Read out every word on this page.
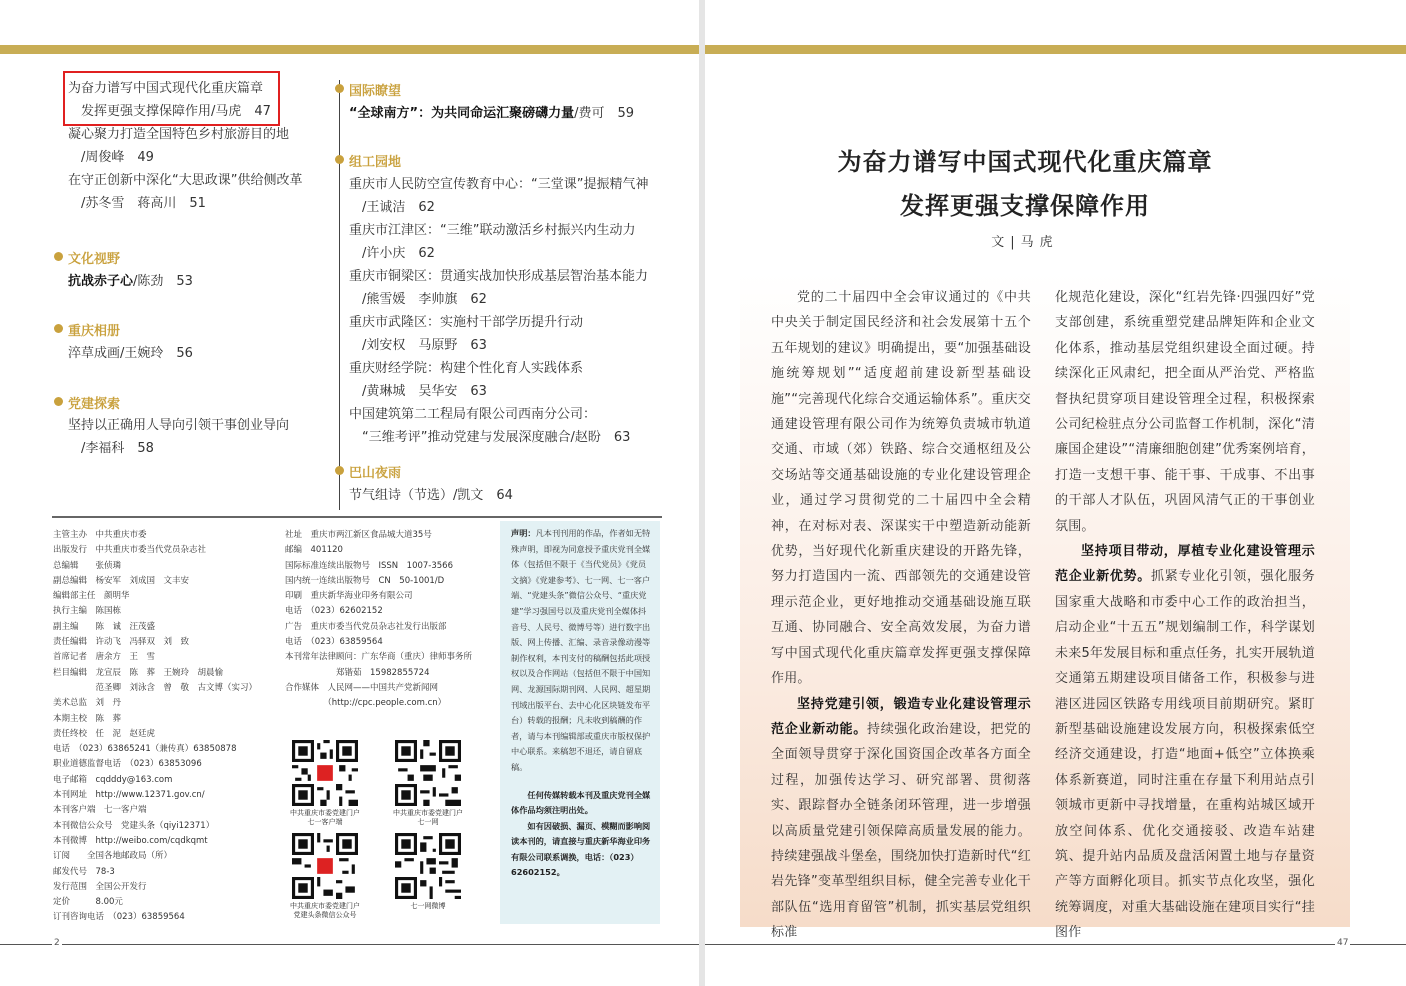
为奋力谱写中国式现代化重庆篇章
　发挥更强支撑保障作用/马虎　47
凝心聚力打造全国特色乡村旅游目的地
　/周俊峰　49
在守正创新中深化“大思政课”供给侧改革
　/苏冬雪　蒋高川　51
文化视野
抗战赤子心/陈劲　53
重庆相册
淬草成画/王婉玲　56
党建探索
坚持以正确用人导向引领干事创业导向
　/李福科　58
国际瞭望
“全球南方”：为共同命运汇聚磅礴力量/费可　59
组工园地
重庆市人民防空宣传教育中心：“三堂课”提振精气神
　/王诚洁　62
重庆市江津区：“三维”联动激活乡村振兴内生动力
　/许小庆　62
重庆市铜梁区：贯通实战加快形成基层智治基本能力
　/熊雪媛　李帅旗　62
重庆市武隆区：实施村干部学历提升行动
　/刘安权　马原野　63
重庆财经学院：构建个性化育人实践体系
　/黄琳城　吴华安　63
中国建筑第二工程局有限公司西南分公司：
　“三维考评”推动党建与发展深度融合/赵盼　63
巴山夜雨
节气组诗（节选）/凯文　64
主管主办　中共重庆市委
出版发行　中共重庆市委当代党员杂志社
总编辑　　张侦璘
副总编辑　杨安军　刘成国　文丰安
编辑部主任　颜明华
执行主编　陈国栋
副主编　　陈　诚　汪茂盛
责任编辑　许动飞　冯驿双　刘　致
首席记者　唐余方　王　雪
栏目编辑　龙宣辰　陈　葬　王婉玲　胡晨愉
　　　　　范圣卿　刘泳含　曾　敬　古文博（实习）
美术总监　刘　丹
本期主校　陈　葬
责任终校　任　泥　赵廷虎
电话　（023）63865241（兼传真）63850878
职业道德监督电话　（023）63853096
电子邮箱　cqdddy@163.com
本刊网址　http://www.12371.gov.cn/
本刊客户端　七一客户端
本刊微信公众号　党建头条（qiyi12371）
本刊微博　http://weibo.com/cqdkqmt
订阅　　全国各地邮政局（所）
邮发代号　78-3
发行范围　全国公开发行
定价　　　8.00元
订刊咨询电话　（023）63859564
社址　重庆市两江新区食品城大道35号
邮编　401120
国际标准连续出版物号　ISSN　1007-3566
国内统一连续出版物号　CN　50-1001/D
印刷　重庆新华海业印务有限公司
电话　（023）62602152
广告　重庆市委当代党员杂志社发行出版部
电话　（023）63859564
本刊常年法律顾问：广东华商（重庆）律师事务所
　　　　　　郑锴茹　15982855724
合作媒体　人民网——中国共产党新闻网
　　　　　（http://cpc.people.com.cn）
中共重庆市委党建门户
七一客户端
中共重庆市委党建门户
七一网
中共重庆市委党建门户
党建头条微信公众号
七一网微博
声明：凡本刊刊用的作品，作者如无特殊声明，即视为同意授予重庆党刊全媒体（包括但不限于《当代党员》《党员文摘》《党建参考》、七一网、七一客户端、“党建头条”微信公众号、“重庆党建”学习强国号以及重庆党刊全媒体抖音号、人民号、微博号等）进行数字出版、网上传播、汇编、录音录像动漫等制作权利，本刊支付的稿酬包括此项授权以及合作网站（包括但不限于中国知网、龙源国际期刊网、人民网、超星期刊域出版平台、去中心化区块链发布平台）转载的报酬；凡未收到稿酬的作者，请与本刊编辑部或重庆市版权保护中心联系。来稿恕不退还，请自留底稿。
任何传媒转载本刊及重庆党刊全媒体作品均须注明出处。
如有因破损、漏页、模糊而影响阅读本刊的，请直接与重庆新华海业印务有限公司联系调换，电话：（023）62602152。
2
为奋力谱写中国式现代化重庆篇章
发挥更强支撑保障作用
文|马虎
47

党的二十届四中全会审议通过的《中共中央关于制定国民经济和社会发展第十五个五年规划的建议》明确提出，要“加强基础设施统筹规划”“适度超前建设新型基础设施”“完善现代化综合交通运输体系”。重庆交通建设管理有限公司作为统筹负责城市轨道交通、市域（郊）铁路、综合交通枢纽及公交场站等交通基础设施的专业化建设管理企业，通过学习贯彻党的二十届四中全会精神，在对标对表、深谋实干中塑造新动能新优势，当好现代化新重庆建设的开路先锋，努力打造国内一流、西部领先的交通建设管理示范企业，更好地推动交通基础设施互联互通、协同融合、安全高效发展，为奋力谱写中国式现代化重庆篇章发挥更强支撑保障作用。

坚持党建引领，锻造专业化建设管理示范企业新动能。持续强化政治建设，把党的全面领导贯穿于深化国资国企改革各方面全过程，加强传达学习、研究部署、贯彻落实、跟踪督办全链条闭环管理，进一步增强以高质量党建引领保障高质量发展的能力。持续建强战斗堡垒，围绕加快打造新时代“红岩先锋”变革型组织目标，健全完善专业化干部队伍“选用育留管”机制，抓实基层党组织标准

化规范化建设，深化“红岩先锋·四强四好”党支部创建，系统重塑党建品牌矩阵和企业文化体系，推动基层党组织建设全面过硬。持续深化正风肃纪，把全面从严治党、严格监督执纪贯穿项目建设管理全过程，积极探索公司纪检驻点分公司监督工作机制，深化“清廉国企建设”“清廉细胞创建”优秀案例培育，打造一支想干事、能干事、干成事、不出事的干部人才队伍，巩固风清气正的干事创业氛围。

坚持项目带动，厚植专业化建设管理示范企业新优势。抓紧专业化引领，强化服务国家重大战略和市委中心工作的政治担当，启动企业“十五五”规划编制工作，科学谋划未来5年发展目标和重点任务，扎实开展轨道交通第五期建设项目储备工作，积极参与进港区进园区铁路专用线项目前期研究。紧盯新型基础设施建设发展方向，积极探索低空经济交通建设，打造“地面+低空”立体换乘体系新赛道，同时注重在存量下利用站点引领城市更新中寻找增量，在重构站城区域开放空间体系、优化交通接驳、改造车站建筑、提升站内品质及盘活闲置土地与存量资产等方面孵化项目。抓实节点化攻坚，强化统筹调度，对重大基础设施在建项目实行“挂图作
